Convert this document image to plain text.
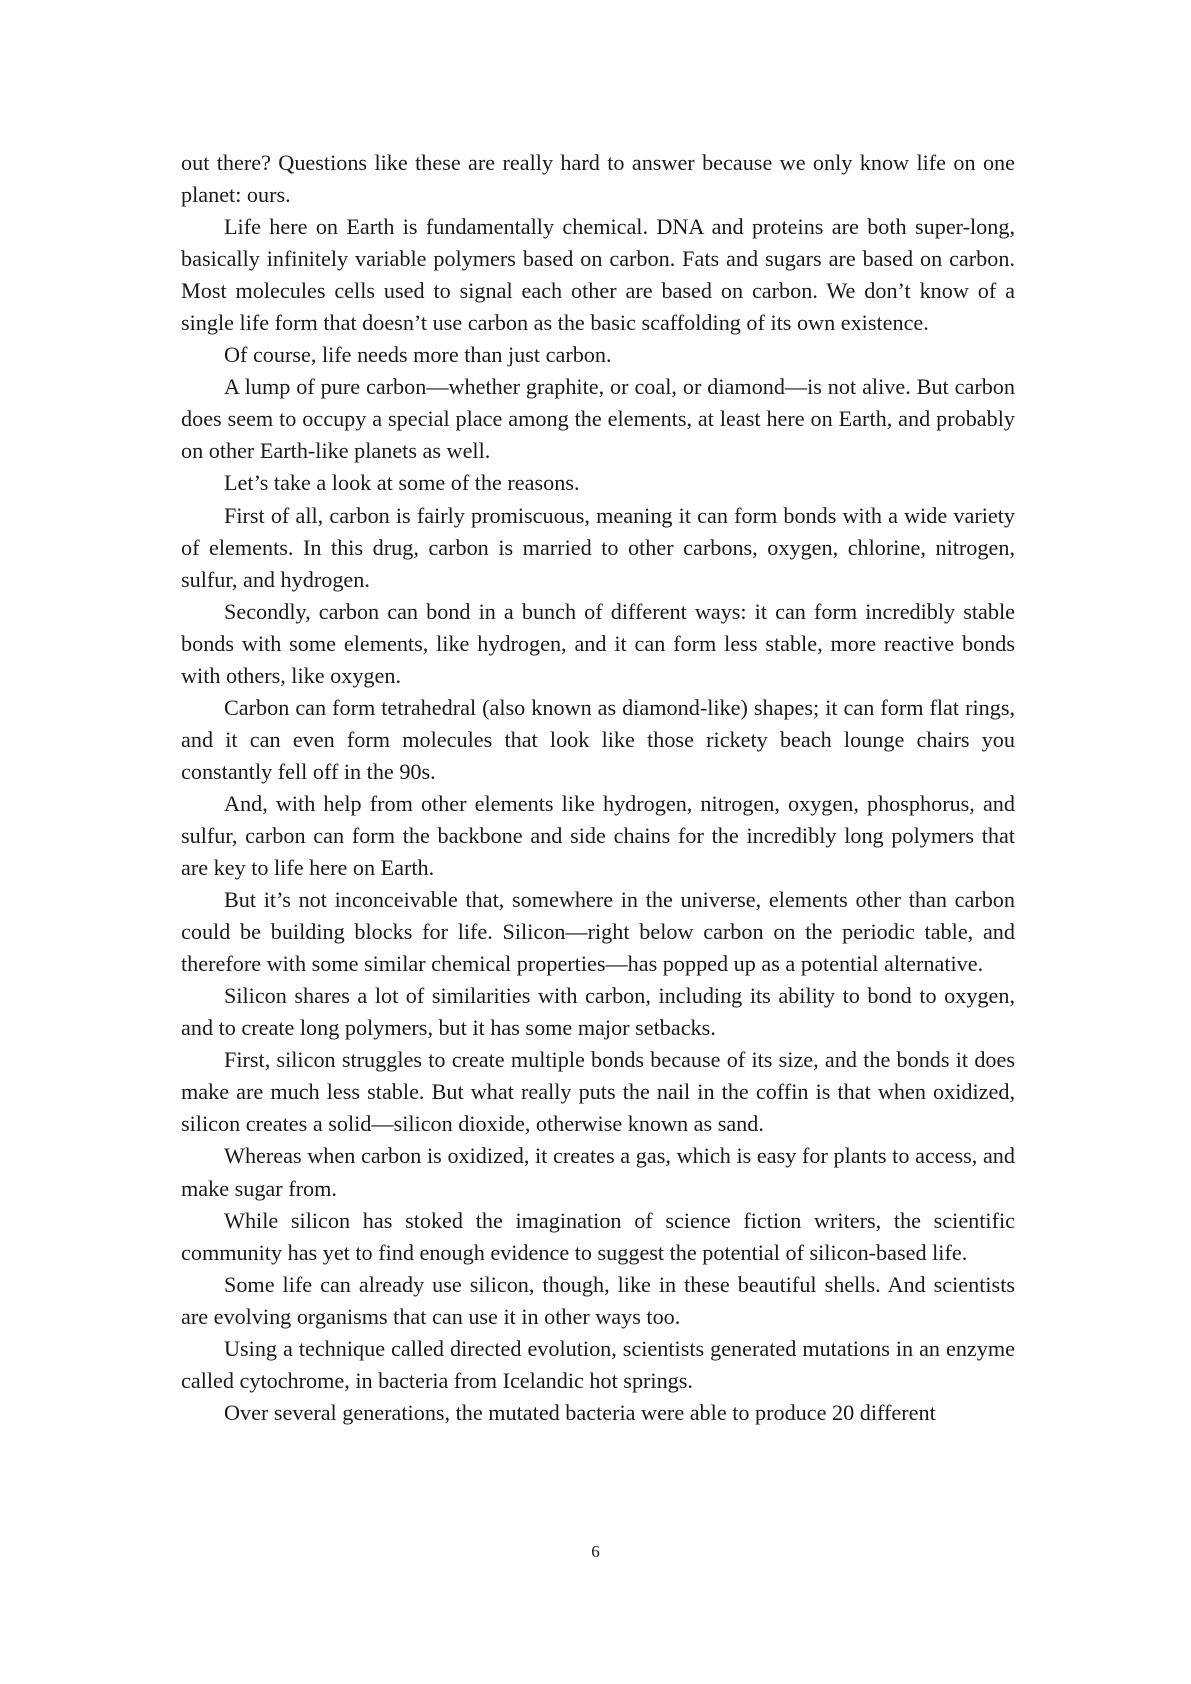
out there? Questions like these are really hard to answer because we only know life on one planet: ours.

Life here on Earth is fundamentally chemical. DNA and proteins are both super-long, basically infinitely variable polymers based on carbon. Fats and sugars are based on carbon. Most molecules cells used to signal each other are based on carbon. We don’t know of a single life form that doesn’t use carbon as the basic scaffolding of its own existence.

Of course, life needs more than just carbon.

A lump of pure carbon—whether graphite, or coal, or diamond—is not alive. But carbon does seem to occupy a special place among the elements, at least here on Earth, and probably on other Earth-like planets as well.

Let’s take a look at some of the reasons.

First of all, carbon is fairly promiscuous, meaning it can form bonds with a wide variety of elements. In this drug, carbon is married to other carbons, oxygen, chlorine, nitrogen, sulfur, and hydrogen.

Secondly, carbon can bond in a bunch of different ways: it can form incredibly stable bonds with some elements, like hydrogen, and it can form less stable, more reactive bonds with others, like oxygen.

Carbon can form tetrahedral (also known as diamond-like) shapes; it can form flat rings, and it can even form molecules that look like those rickety beach lounge chairs you constantly fell off in the 90s.

And, with help from other elements like hydrogen, nitrogen, oxygen, phosphorus, and sulfur, carbon can form the backbone and side chains for the incredibly long polymers that are key to life here on Earth.

But it’s not inconceivable that, somewhere in the universe, elements other than carbon could be building blocks for life. Silicon—right below carbon on the periodic table, and therefore with some similar chemical properties—has popped up as a potential alternative.

Silicon shares a lot of similarities with carbon, including its ability to bond to oxygen, and to create long polymers, but it has some major setbacks.

First, silicon struggles to create multiple bonds because of its size, and the bonds it does make are much less stable. But what really puts the nail in the coffin is that when oxidized, silicon creates a solid—silicon dioxide, otherwise known as sand.

Whereas when carbon is oxidized, it creates a gas, which is easy for plants to access, and make sugar from.

While silicon has stoked the imagination of science fiction writers, the scientific community has yet to find enough evidence to suggest the potential of silicon-based life.

Some life can already use silicon, though, like in these beautiful shells. And scientists are evolving organisms that can use it in other ways too.

Using a technique called directed evolution, scientists generated mutations in an enzyme called cytochrome, in bacteria from Icelandic hot springs.

Over several generations, the mutated bacteria were able to produce 20 different

6
